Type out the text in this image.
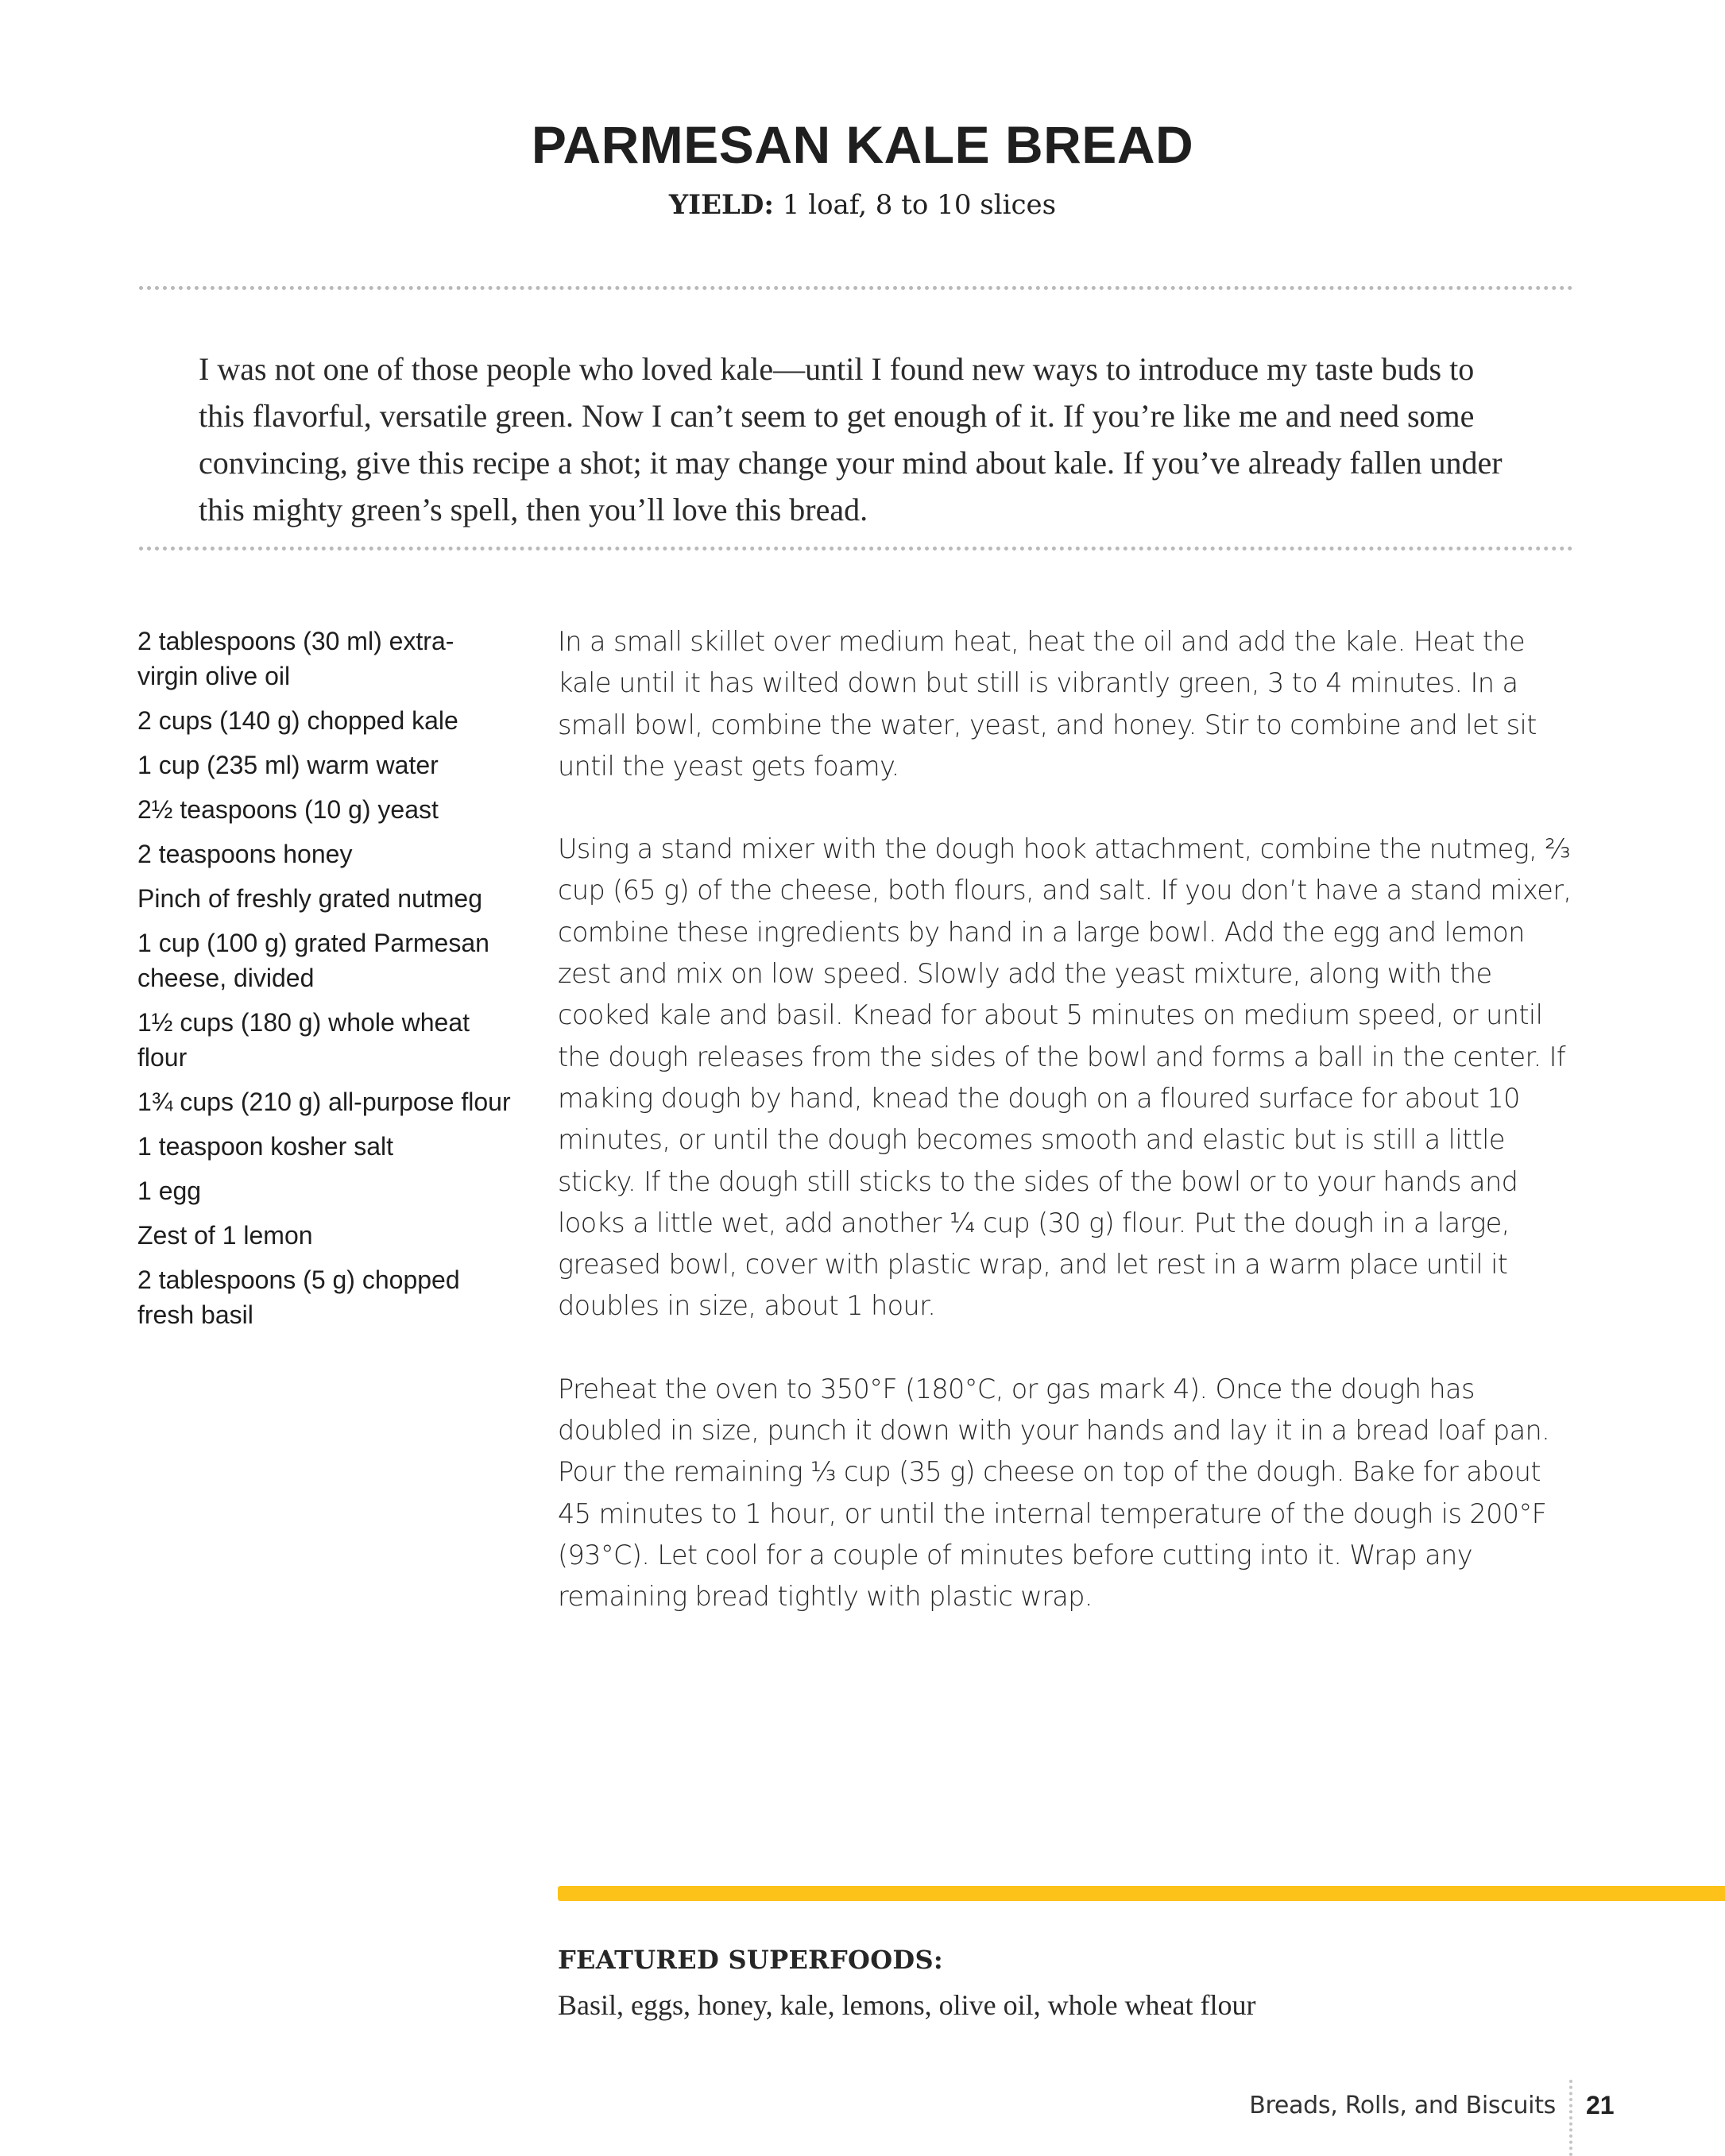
PARMESAN KALE BREAD
YIELD: 1 loaf, 8 to 10 slices

I was not one of those people who loved kale—until I found new ways to introduce my taste buds to this flavorful, versatile green. Now I can’t seem to get enough of it. If you’re like me and need some convincing, give this recipe a shot; it may change your mind about kale. If you’ve already fallen under this mighty green’s spell, then you’ll love this bread.

2 tablespoons (30 ml) extra-virgin olive oil
2 cups (140 g) chopped kale
1 cup (235 ml) warm water
2½ teaspoons (10 g) yeast
2 teaspoons honey
Pinch of freshly grated nutmeg
1 cup (100 g) grated Parmesan cheese, divided
1½ cups (180 g) whole wheat flour
1¾ cups (210 g) all-purpose flour
1 teaspoon kosher salt
1 egg
Zest of 1 lemon
2 tablespoons (5 g) chopped fresh basil

In a small skillet over medium heat, heat the oil and add the kale. Heat the kale until it has wilted down but still is vibrantly green, 3 to 4 minutes. In a small bowl, combine the water, yeast, and honey. Stir to combine and let sit until the yeast gets foamy.

Using a stand mixer with the dough hook attachment, combine the nutmeg, ⅔ cup (65 g) of the cheese, both flours, and salt. If you don’t have a stand mixer, combine these ingredients by hand in a large bowl. Add the egg and lemon zest and mix on low speed. Slowly add the yeast mixture, along with the cooked kale and basil. Knead for about 5 minutes on medium speed, or until the dough releases from the sides of the bowl and forms a ball in the center. If making dough by hand, knead the dough on a floured surface for about 10 minutes, or until the dough becomes smooth and elastic but is still a little sticky. If the dough still sticks to the sides of the bowl or to your hands and looks a little wet, add another ¼ cup (30 g) flour. Put the dough in a large, greased bowl, cover with plastic wrap, and let rest in a warm place until it doubles in size, about 1 hour.

Preheat the oven to 350°F (180°C, or gas mark 4). Once the dough has doubled in size, punch it down with your hands and lay it in a bread loaf pan. Pour the remaining ⅓ cup (35 g) cheese on top of the dough. Bake for about 45 minutes to 1 hour, or until the internal temperature of the dough is 200°F (93°C). Let cool for a couple of minutes before cutting into it. Wrap any remaining bread tightly with plastic wrap.

FEATURED SUPERFOODS:
Basil, eggs, honey, kale, lemons, olive oil, whole wheat flour
Breads, Rolls, and Biscuits 21
